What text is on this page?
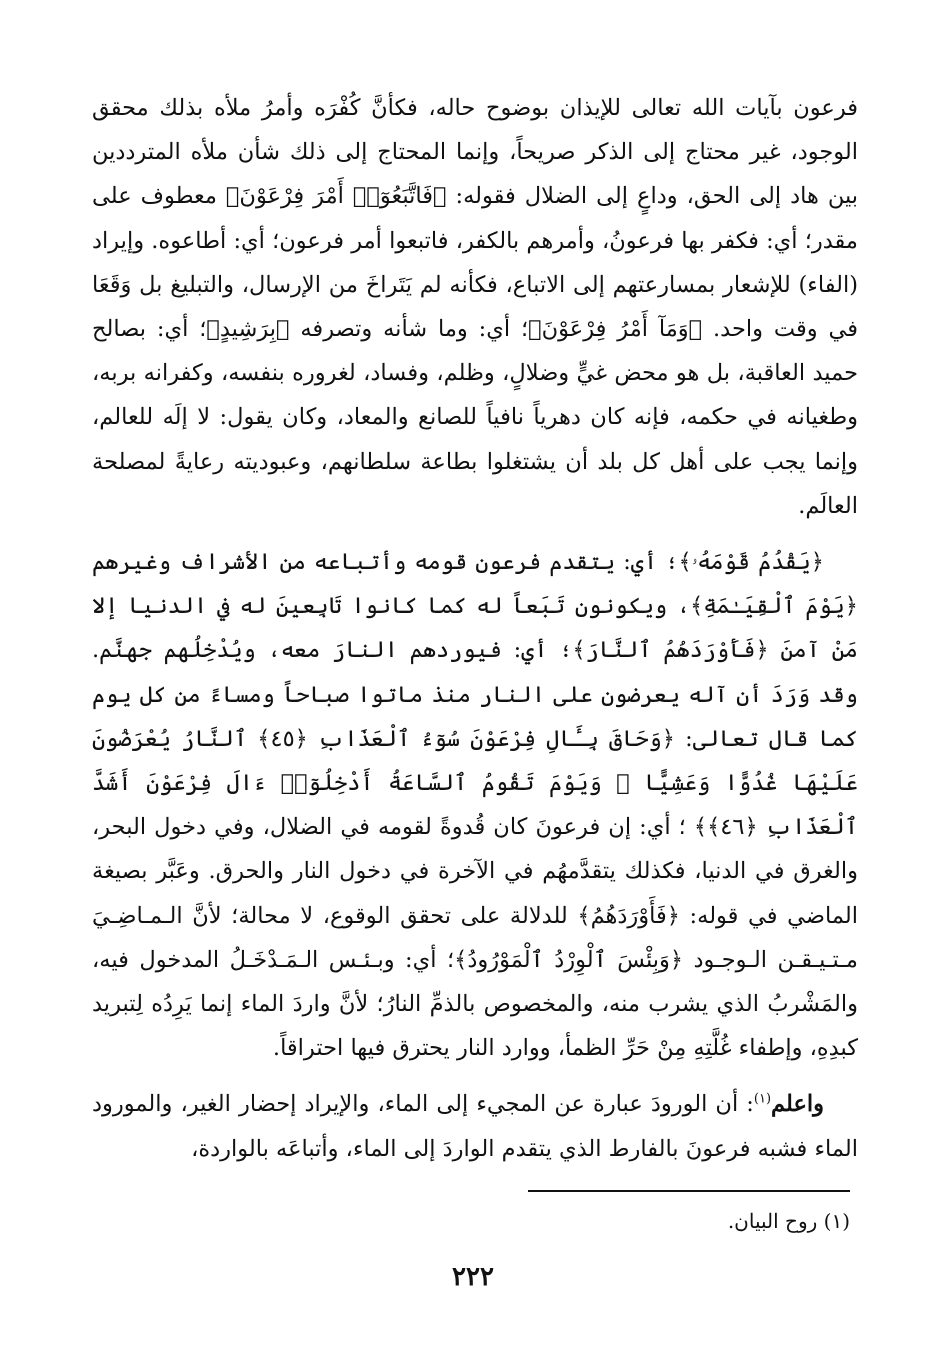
فرعون بآيات الله تعالى للإيذان بوضوح حاله، فكأنَّ كُفْرَه وأمرُ ملأه بذلك محقق الوجود، غير محتاج إلى الذكر صريحاً، وإنما المحتاج إلى ذلك شأن ملأه المترددين بين هاد إلى الحق، وداعٍ إلى الضلال فقوله: ﴿فَاتَّبَعُوٓا۟ أَمْرَ فِرْعَوْنَ﴾ معطوف على مقدر؛ أي: فكفر بها فرعونُ، وأمرهم بالكفر، فاتبعوا أمر فرعون؛ أي: أطاعوه. وإيراد (الفاء) للإشعار بمسارعتهم إلى الاتباع، فكأنه لم يَتَراخَ من الإرسال، والتبليغ بل وَقَعَا في وقت واحد. ﴿وَمَآ أَمْرُ فِرْعَوْنَ﴾؛ أي: وما شأنه وتصرفه ﴿بِرَشِيدٍ﴾؛ أي: بصالح حميد العاقبة، بل هو محض غيٍّ وضلالٍ، وظلم، وفساد، لغروره بنفسه، وكفرانه بربه، وطغيانه في حكمه، فإنه كان دهرياً نافياً للصانع والمعاد، وكان يقول: لا إلَه للعالم، وإنما يجب على أهل كل بلد أن يشتغلوا بطاعة سلطانهم، وعبوديته رعايةً لمصلحة العالَم.

﴿يَقْدُمُ قَوْمَهُۥ﴾؛ أي: يتقدم فرعون قومه وأتباعه من الأشراف وغيرهم ﴿يَوْمَ ٱلْقِيَـٰمَةِ﴾، ويكونون تَبَعاً له كما كانوا تَابِعينَ له في الدنيا إلا مَنْ آمنَ ﴿فَأَوْرَدَهُمُ ٱلنَّارَ﴾؛ أي: فيوردهم النارَ معه، ويُدْخِلُهم جهنَّم. وقد وَرَدَ أن آله يعرضون على النار منذ ماتوا صباحاً ومساءً من كل يوم كما قال تعالى: ﴿وَحَاقَ بِـَٔالِ فِرْعَوْنَ سُوٓءُ ٱلْعَذَابِ ﴿٤٥﴾ ٱلنَّارُ يُعْرَضُونَ عَلَيْهَا غُدُوًّا وَعَشِيًّا ۖ وَيَوْمَ تَقُومُ ٱلسَّاعَةُ أَدْخِلُوٓا۟ ءَالَ فِرْعَوْنَ أَشَدَّ ٱلْعَذَابِ ﴿٤٦﴾﴾ ؛ أي: إن فرعونَ كان قُدوةً لقومه في الضلال، وفي دخول البحر، والغرق في الدنيا، فكذلك يتقدَّمهُم في الآخرة في دخول النار والحرق. وعَبَّر بصيغة الماضي في قوله: ﴿فَأَوْرَدَهُمُ﴾ للدلالة على تحقق الوقوع، لا محالة؛ لأنَّ الـمـاضِـيَ مـتـيـقـن الـوجـود ﴿وَبِئْسَ ٱلْوِرْدُ ٱلْمَوْرُودُ﴾؛ أي: وبـئـس الـمَـدْخَـلُ المدخول فيه، والمَشْربُ الذي يشرب منه، والمخصوص بالذمِّ النارُ؛ لأنَّ واردَ الماء إنما يَرِدُه لِتبريد كبدِهِ، وإطفاء غُلَّتِهِ مِنْ حَرِّ الظمأ، ووارد النار يحترق فيها احتراقاً.

واعلم$^{(١)}$: أن الورودَ عبارة عن المجيء إلى الماء، والإيراد إحضار الغير، والمورود الماء فشبه فرعونَ بالفارط الذي يتقدم الواردَ إلى الماء، وأتباعَه بالواردة،

(١) روح البيان.
٢٢٢
